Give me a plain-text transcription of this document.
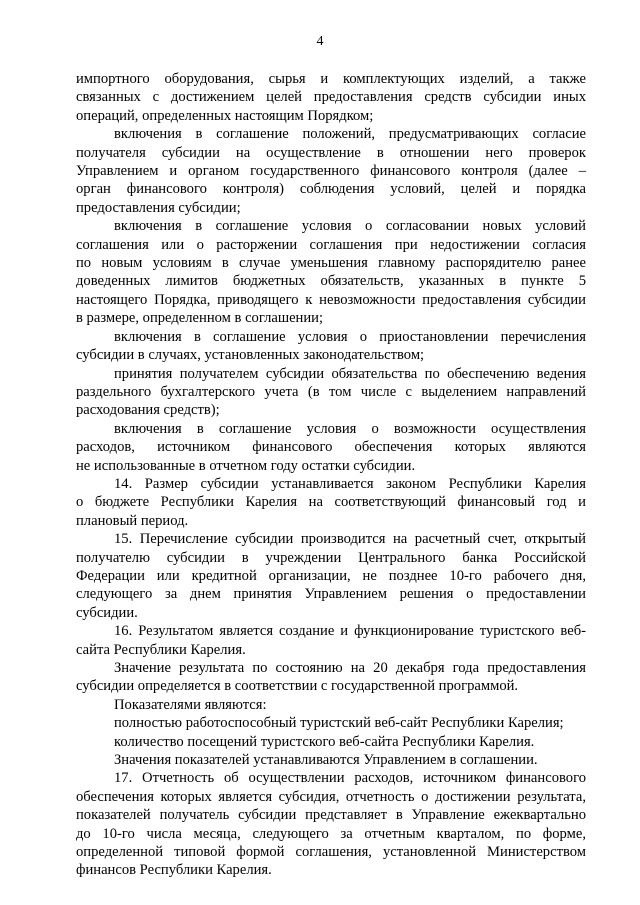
4
импортного оборудования, сырья и комплектующих изделий, а также
связанных с достижением целей предоставления средств субсидии иных
операций, определенных настоящим Порядком;
включения в соглашение положений, предусматривающих согласие
получателя субсидии на осуществление в отношении него проверок
Управлением и органом государственного финансового контроля (далее –
орган финансового контроля) соблюдения условий, целей и порядка
предоставления субсидии;
включения в соглашение условия о согласовании новых условий
соглашения или о расторжении соглашения при недостижении согласия
по новым условиям в случае уменьшения главному распорядителю ранее
доведенных лимитов бюджетных обязательств, указанных в пункте 5
настоящего Порядка, приводящего к невозможности предоставления субсидии
в размере, определенном в соглашении;
включения в соглашение условия о приостановлении перечисления
субсидии в случаях, установленных законодательством;
принятия получателем субсидии обязательства по обеспечению ведения
раздельного бухгалтерского учета (в том числе с выделением направлений
расходования средств);
включения в соглашение условия о возможности осуществления
расходов, источником финансового обеспечения которых являются
не использованные в отчетном году остатки субсидии.
14. Размер субсидии устанавливается законом Республики Карелия
о бюджете Республики Карелия на соответствующий финансовый год и
плановый период.
15. Перечисление субсидии производится на расчетный счет, открытый
получателю субсидии в учреждении Центрального банка Российской
Федерации или кредитной организации, не позднее 10-го рабочего дня,
следующего за днем принятия Управлением решения о предоставлении
субсидии.
16. Результатом является создание и функционирование туристского веб-
сайта Республики Карелия.
Значение результата по состоянию на 20 декабря года предоставления
субсидии определяется в соответствии с государственной программой.
Показателями являются:
полностью работоспособный туристский веб-сайт Республики Карелия;
количество посещений туристского веб-сайта Республики Карелия.
Значения показателей устанавливаются Управлением в соглашении.
17. Отчетность об осуществлении расходов, источником финансового
обеспечения которых является субсидия, отчетность о достижении результата,
показателей получатель субсидии представляет в Управление ежеквартально
до 10-го числа месяца, следующего за отчетным кварталом, по форме,
определенной типовой формой соглашения, установленной Министерством
финансов Республики Карелия.
